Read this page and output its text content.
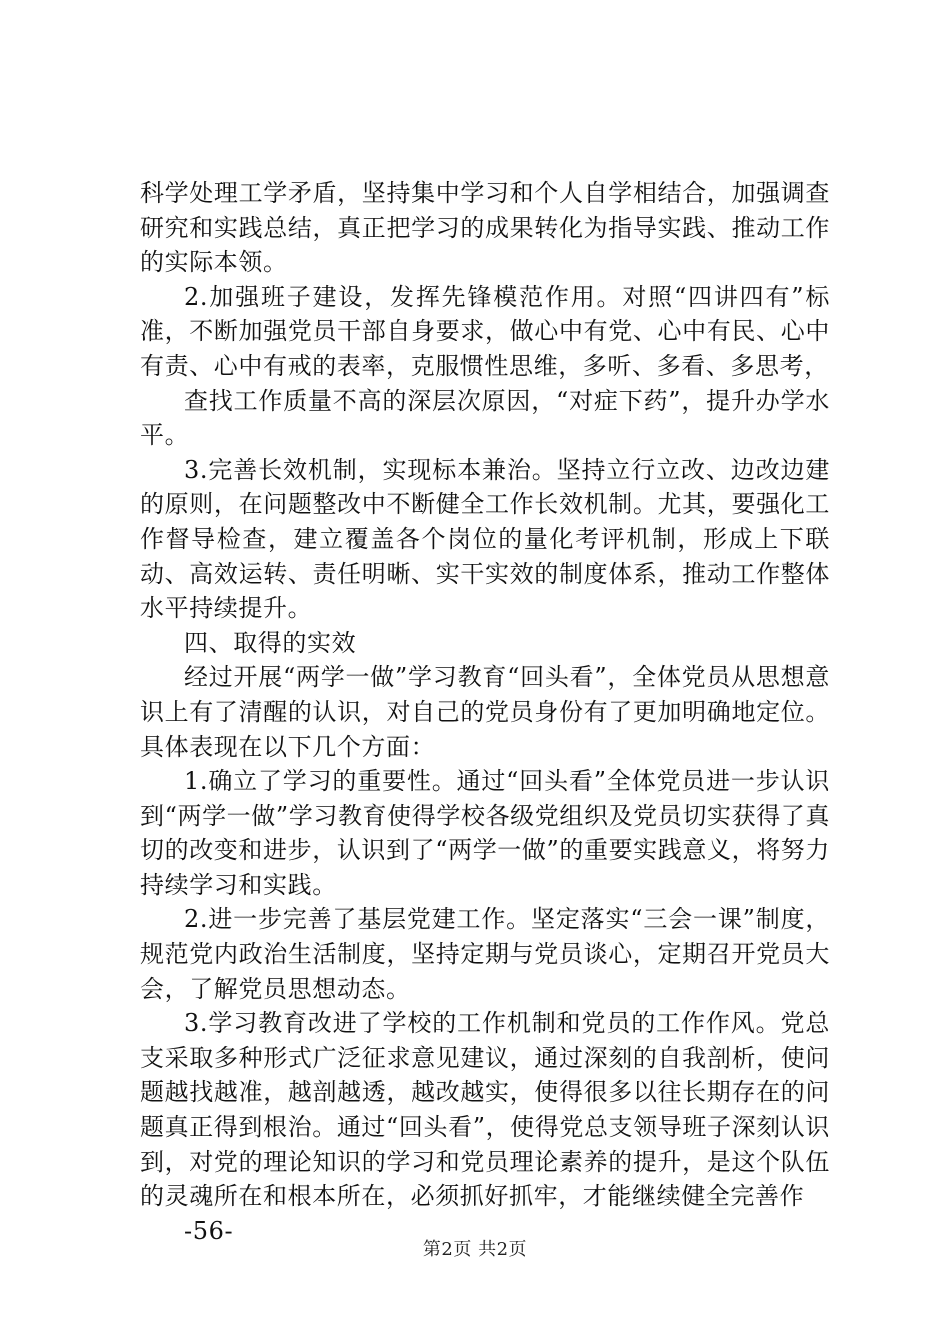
科学处理工学矛盾，坚持集中学习和个人自学相结合，加强调查研究和实践总结，真正把学习的成果转化为指导实践、推动工作的实际本领。

2.加强班子建设，发挥先锋模范作用。对照“四讲四有”标准，不断加强党员干部自身要求，做心中有党、心中有民、心中有责、心中有戒的表率，克服惯性思维，多听、多看、多思考，

查找工作质量不高的深层次原因，“对症下药”，提升办学水平。

3.完善长效机制，实现标本兼治。坚持立行立改、边改边建的原则，在问题整改中不断健全工作长效机制。尤其，要强化工作督导检查，建立覆盖各个岗位的量化考评机制，形成上下联动、高效运转、责任明晰、实干实效的制度体系，推动工作整体水平持续提升。

四、取得的实效

经过开展“两学一做”学习教育“回头看”，全体党员从思想意识上有了清醒的认识，对自己的党员身份有了更加明确地定位。具体表现在以下几个方面：

1.确立了学习的重要性。通过“回头看”全体党员进一步认识到“两学一做”学习教育使得学校各级党组织及党员切实获得了真切的改变和进步，认识到了“两学一做”的重要实践意义，将努力持续学习和实践。

2.进一步完善了基层党建工作。坚定落实“三会一课”制度，规范党内政治生活制度，坚持定期与党员谈心，定期召开党员大会，了解党员思想动态。

3.学习教育改进了学校的工作机制和党员的工作作风。党总支采取多种形式广泛征求意见建议，通过深刻的自我剖析，使问题越找越准，越剖越透，越改越实，使得很多以往长期存在的问题真正得到根治。通过“回头看”，使得党总支领导班子深刻认识到，对党的理论知识的学习和党员理论素养的提升，是这个队伍的灵魂所在和根本所在，必须抓好抓牢，才能继续健全完善作

-56-

第2页 共2页
